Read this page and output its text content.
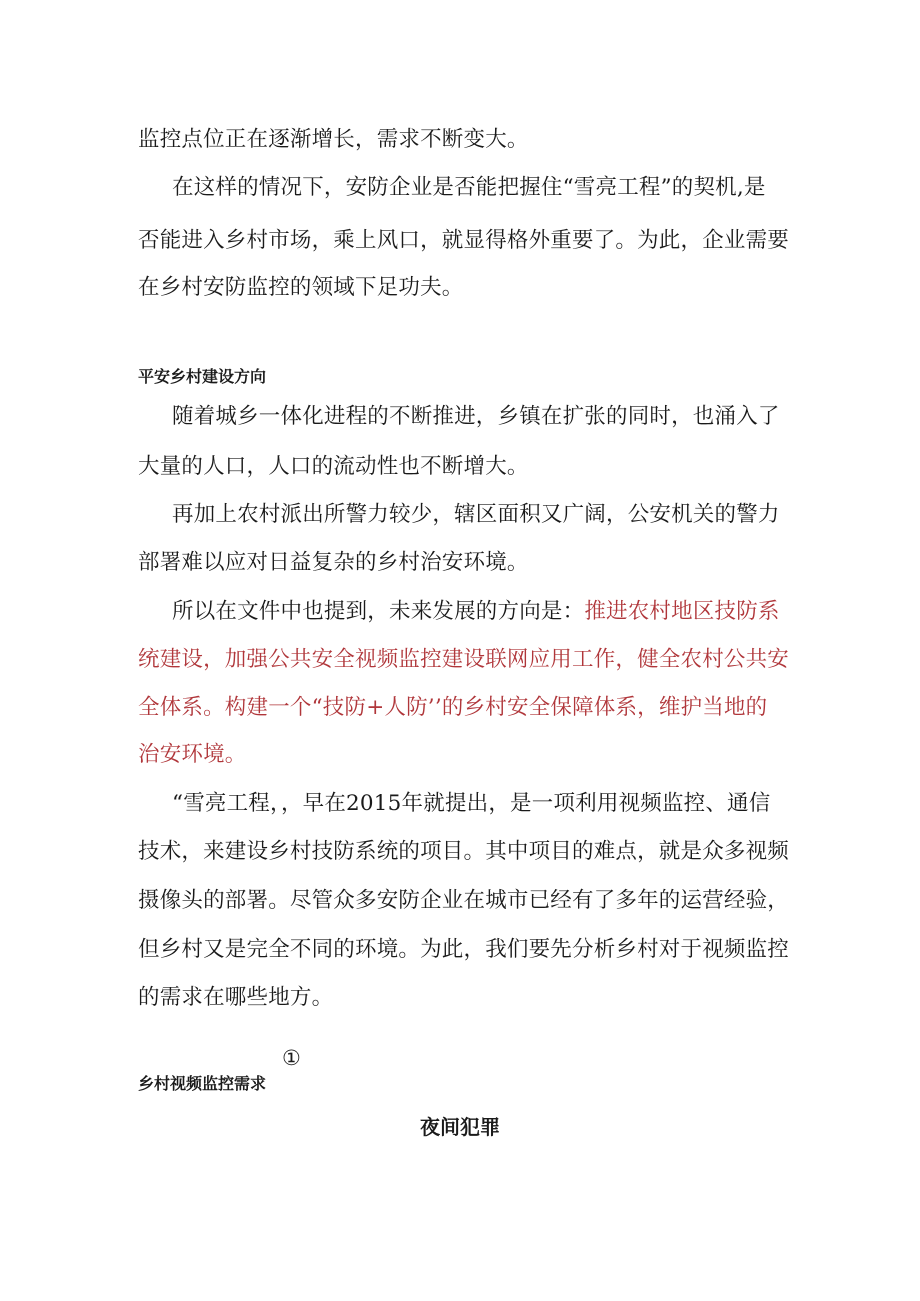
监控点位正在逐渐增长，需求不断变大。
在这样的情况下，安防企业是否能把握住“雪亮工程”的契机,是
否能进入乡村市场，乘上风口，就显得格外重要了。为此，企业需要
在乡村安防监控的领域下足功夫。
平安乡村建设方向
随着城乡一体化进程的不断推进，乡镇在扩张的同时，也涌入了
大量的人口，人口的流动性也不断增大。
再加上农村派出所警力较少，辖区面积又广阔，公安机关的警力
部署难以应对日益复杂的乡村治安环境。
所以在文件中也提到，未来发展的方向是：推进农村地区技防系
统建设，加强公共安全视频监控建设联网应用工作，健全农村公共安
全体系。构建一个“技防+人防’’的乡村安全保障体系，维护当地的
治安环境。
“雪亮工程，，早在2015年就提出，是一项利用视频监控、通信
技术，来建设乡村技防系统的项目。其中项目的难点，就是众多视频
摄像头的部署。尽管众多安防企业在城市已经有了多年的运营经验，
但乡村又是完全不同的环境。为此，我们要先分析乡村对于视频监控
的需求在哪些地方。
①
乡村视频监控需求
夜间犯罪
